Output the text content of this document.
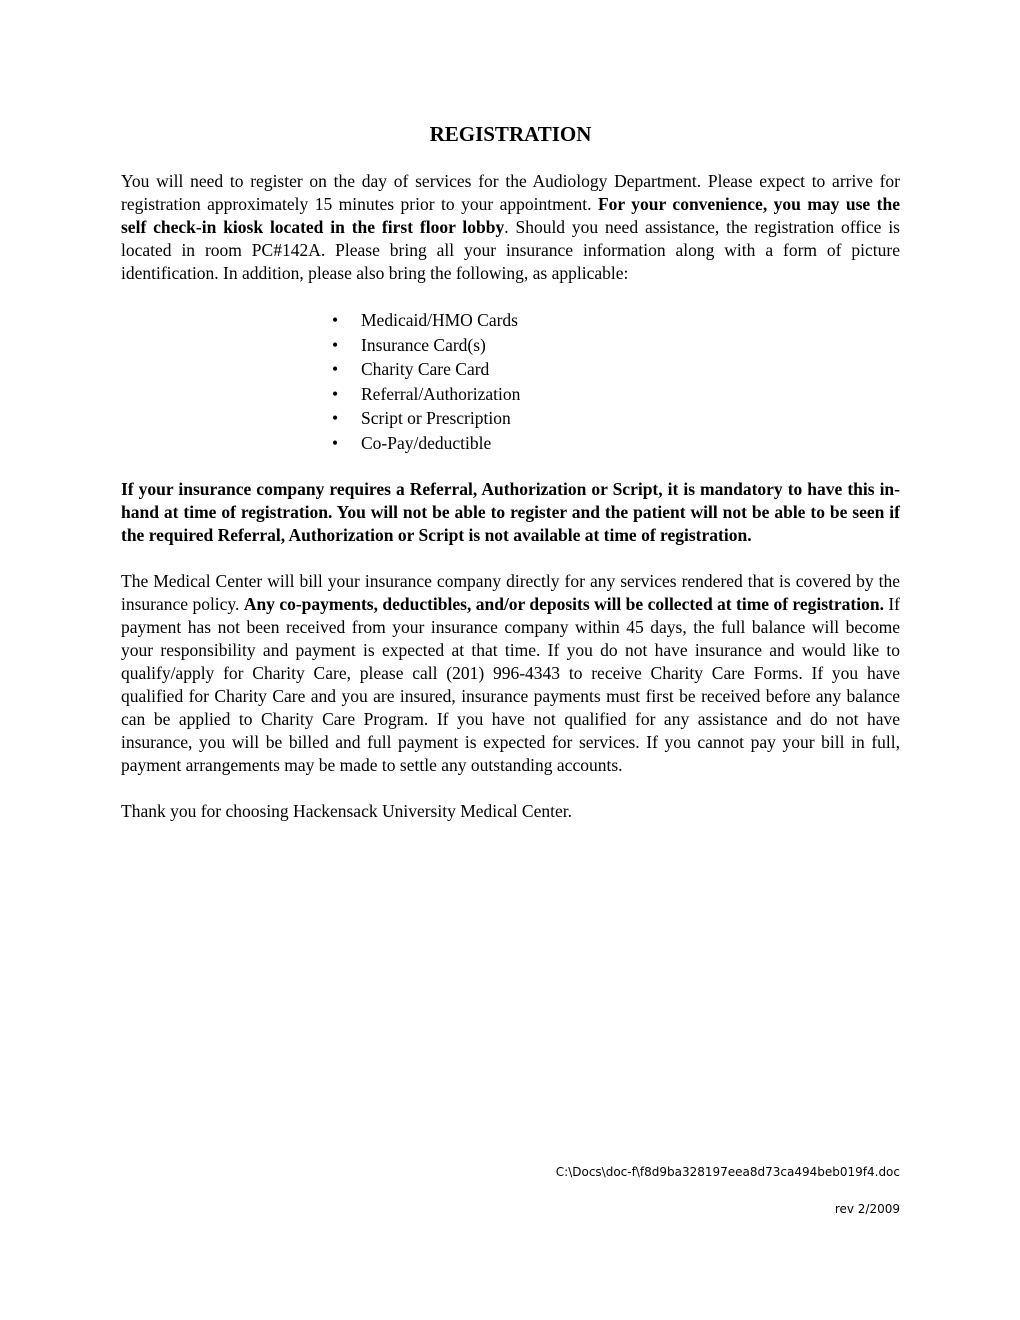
REGISTRATION

You will need to register on the day of services for the Audiology Department. Please expect to arrive for registration approximately 15 minutes prior to your appointment. For your convenience, you may use the self check-in kiosk located in the first floor lobby. Should you need assistance, the registration office is located in room PC#142A. Please bring all your insurance information along with a form of picture identification. In addition, please also bring the following, as applicable:

•	Medicaid/HMO Cards
•	Insurance Card(s)
•	Charity Care Card
•	Referral/Authorization
•	Script or Prescription
•	Co-Pay/deductible

If your insurance company requires a Referral, Authorization or Script, it is mandatory to have this in-hand at time of registration. You will not be able to register and the patient will not be able to be seen if the required Referral, Authorization or Script is not available at time of registration.

The Medical Center will bill your insurance company directly for any services rendered that is covered by the insurance policy. Any co-payments, deductibles, and/or deposits will be collected at time of registration. If payment has not been received from your insurance company within 45 days, the full balance will become your responsibility and payment is expected at that time. If you do not have insurance and would like to qualify/apply for Charity Care, please call (201) 996-4343 to receive Charity Care Forms. If you have qualified for Charity Care and you are insured, insurance payments must first be received before any balance can be applied to Charity Care Program. If you have not qualified for any assistance and do not have insurance, you will be billed and full payment is expected for services. If you cannot pay your bill in full, payment arrangements may be made to settle any outstanding accounts.

Thank you for choosing Hackensack University Medical Center.

C:\Docs\doc-f\f8d9ba328197eea8d73ca494beb019f4.doc
rev 2/2009
